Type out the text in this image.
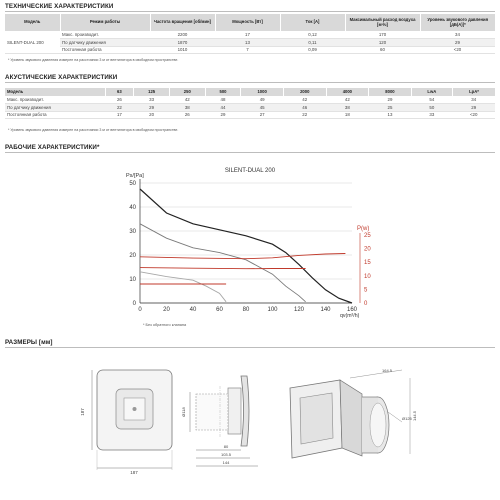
ТЕХНИЧЕСКИЕ ХАРАКТЕРИСТИКИ
Модель	Режим работы	Частота вращения [об/мин]	Мощность [Вт]	Ток [А]	Максимальный расход воздуха [м³/ч]	Уровень звукового давления [дБ(А)]*
SILENT-DUAL 200	Макс. производит.	2200	17	0,12	170	34
	По датчику движения	1870	13	0,11	120	29
	Постоянная работа	1010	7	0,09	60	<20
* Уровень звукового давления измерен на расстоянии 3 м от вентилятора в свободном пространстве.
АКУСТИЧЕСКИЕ ХАРАКТЕРИСТИКИ
Модель	63	125	250	500	1000	2000	4000	8000	LwA	LpA*
Макс. производит.	26	33	42	48	49	42	42	29	54	34
По датчику движения	22	29	38	44	45	46	38	25	50	29
Постоянная работа	17	20	26	29	27	22	18	13	33	<20
* Уровень звукового давления измерен на расстоянии 3 м от вентилятора в свободном пространстве.
РАБОЧИЕ ХАРАКТЕРИСТИКИ*
SILENT-DUAL 200
Ps/[Pa]
P(w)
qv(m³/h)
0
10
20
30
40
50
0	20	40	60	80	100	120	140	160
0
5
10
15
20
25
* Без обратного клапана
РАЗМЕРЫ [мм]
187
187
Ø118
80
103.5
144
Ø125
164.5
144.5
